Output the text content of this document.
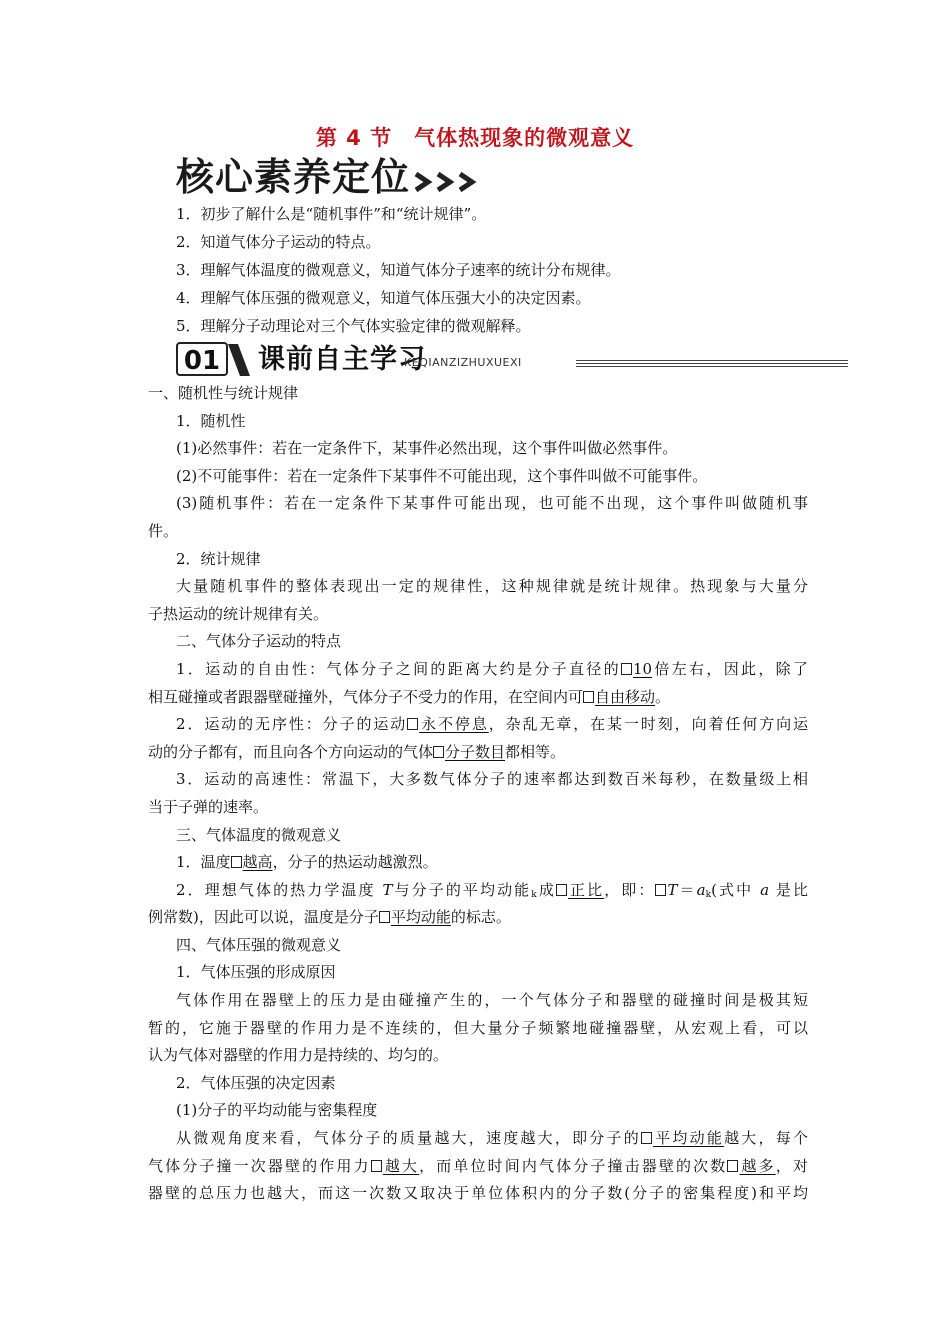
第 4 节　气体热现象的微观意义
核心素养定位
1．初步了解什么是“随机事件”和“统计规律”。
2．知道气体分子运动的特点。
3．理解气体温度的微观意义，知道气体分子速率的统计分布规律。
4．理解气体压强的微观意义，知道气体压强大小的决定因素。
5．理解分子动理论对三个气体实验定律的微观解释。
01 课前自主学习
KEQIANZIZHUXUEXI
一、随机性与统计规律
1．随机性
(1)必然事件：若在一定条件下，某事件必然出现，这个事件叫做必然事件。
(2)不可能事件：若在一定条件下某事件不可能出现，这个事件叫做不可能事件。
(3)随机事件：若在一定条件下某事件可能出现，也可能不出现，这个事件叫做随机事
件。
2．统计规律
大量随机事件的整体表现出一定的规律性，这种规律就是统计规律。热现象与大量分
子热运动的统计规律有关。
二、气体分子运动的特点
1．运动的自由性：气体分子之间的距离大约是分子直径的 10倍左右，因此，除了
相互碰撞或者跟器壁碰撞外，气体分子不受力的作用，在空间内可 自由移动。
2．运动的无序性：分子的运动 永不停息，杂乱无章，在某一时刻，向着任何方向运
动的分子都有，而且向各个方向运动的气体 分子数目都相等。
3．运动的高速性：常温下，大多数气体分子的速率都达到数百米每秒，在数量级上相
当于子弹的速率。
三、气体温度的微观意义
1．温度 越高，分子的热运动越激烈。
2．理想气体的热力学温度 T与分子的平均动能$_k$成 正比，即： $T=a_k$(式中 a 是比
例常数)，因此可以说，温度是分子 平均动能的标志。
四、气体压强的微观意义
1．气体压强的形成原因
气体作用在器壁上的压力是由碰撞产生的，一个气体分子和器壁的碰撞时间是极其短
暂的，它施于器壁的作用力是不连续的，但大量分子频繁地碰撞器壁，从宏观上看，可以
认为气体对器壁的作用力是持续的、均匀的。
2．气体压强的决定因素
(1)分子的平均动能与密集程度
从微观角度来看，气体分子的质量越大，速度越大，即分子的 平均动能越大，每个
气体分子撞一次器壁的作用力 越大，而单位时间内气体分子撞击器壁的次数 越多，对
器壁的总压力也越大，而这一次数又取决于单位体积内的分子数(分子的密集程度)和平均
